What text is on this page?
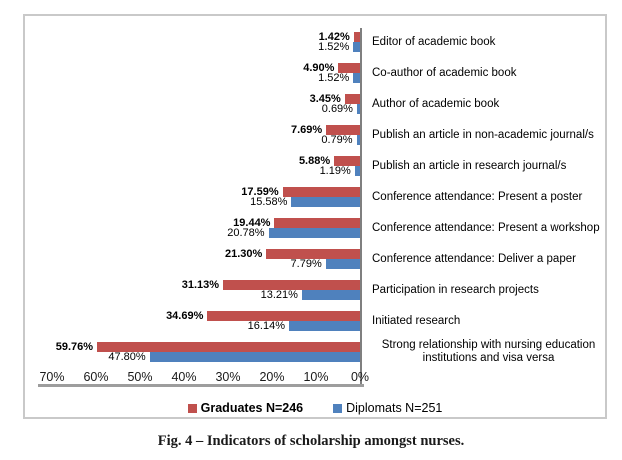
Graduates N=246	Diplomats N=251
1.42%
1.52% Editor of academic book
4.90%
1.52% Co-author of academic book
3.45%
0.69% Author of academic book
7.69%
0.79% Publish an article in non-academic journal/s
5.88%
1.19% Publish an article in research journal/s
17.59%
15.58%	Conference attendance: Present a poster
19.44%
20.78%	Conference attendance: Present a workshop
21.30%
7.79%	Conference attendance: Deliver a paper
31.13%
13.21%	Participation in research projects
34.69%
16.14%	Initiated research
59.76%
47.80%
Strong relationship with nursing education institutions and visa versa
70%	60%	50%	40%	30%	20%	10%	0%
Fig. 4 – Indicators of scholarship amongst nurses.
